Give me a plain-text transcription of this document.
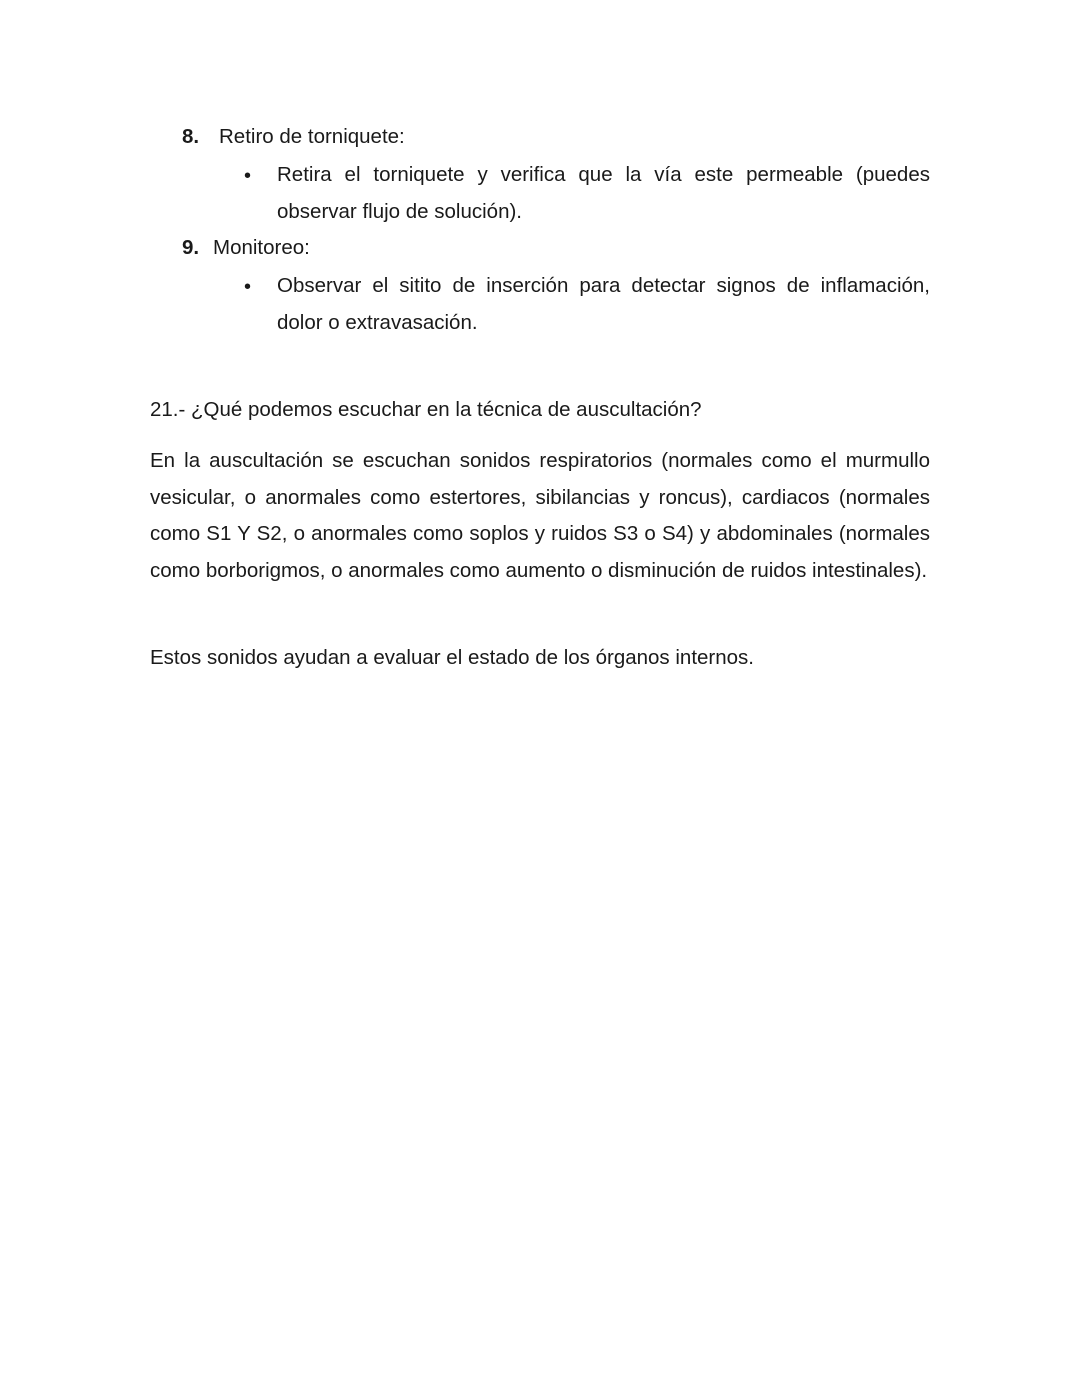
8. Retiro de torniquete:
• Retira el torniquete y verifica que la vía este permeable (puedes observar flujo de solución).
9. Monitoreo:
• Observar el sitito de inserción para detectar signos de inflamación, dolor o extravasación.
21.- ¿Qué podemos escuchar en la técnica de auscultación?

En la auscultación se escuchan sonidos respiratorios (normales como el murmullo vesicular, o anormales como estertores, sibilancias y roncus), cardiacos (normales como S1 Y S2, o anormales como soplos y ruidos S3 o S4) y abdominales (normales como borborigmos, o anormales como aumento o disminución de ruidos intestinales).

Estos sonidos ayudan a evaluar el estado de los órganos internos.
